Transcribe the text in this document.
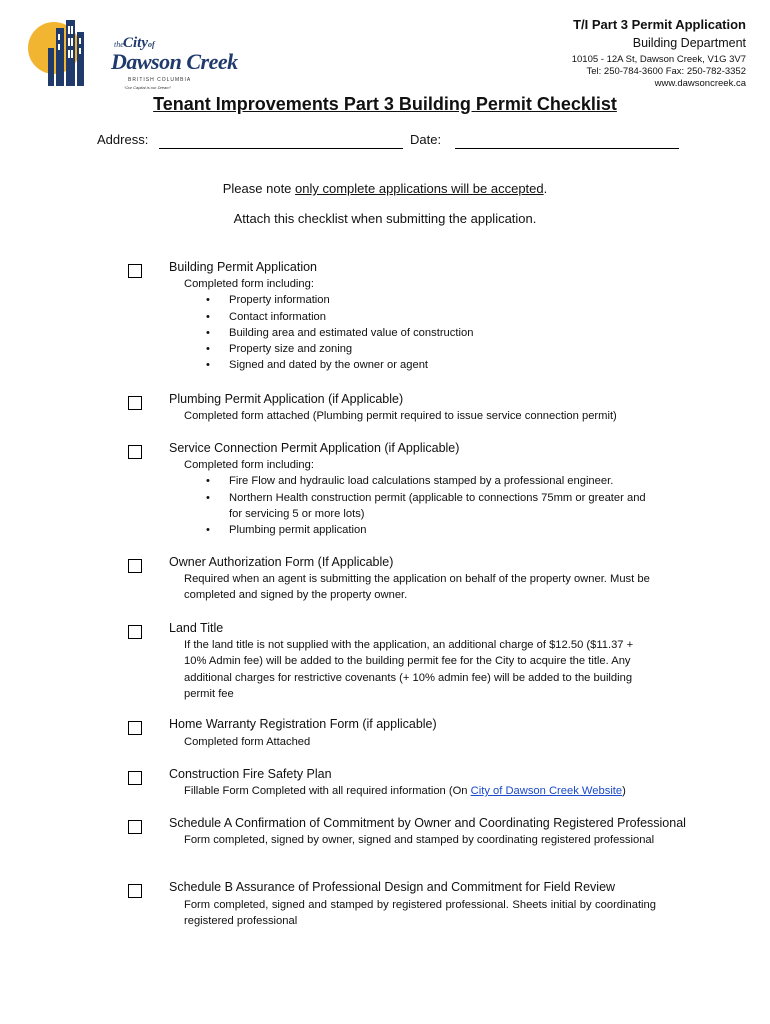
the Cityof
Dawson Creek
BRITISH COLUMBIA
“Our Capital is our Dream”
T/I Part 3 Permit Application
Building Department
10105 - 12A St, Dawson Creek, V1G 3V7
Tel: 250-784-3600 Fax: 250-782-3352
www.dawsoncreek.ca
Tenant Improvements Part 3 Building Permit Checklist
Address:	Date:
Please note only complete applications will be accepted.
Attach this checklist when submitting the application.
Building Permit Application
Completed form including:
• Property information
• Contact information
• Building area and estimated value of construction
• Property size and zoning
• Signed and dated by the owner or agent
Plumbing Permit Application (if Applicable)
Completed form attached (Plumbing permit required to issue service connection permit)
Service Connection Permit Application (if Applicable)
Completed form including:
• Fire Flow and hydraulic load calculations stamped by a professional engineer.
• Northern Health construction permit (applicable to connections 75mm or greater and for servicing 5 or more lots)
• Plumbing permit application
Owner Authorization Form (If Applicable)
Required when an agent is submitting the application on behalf of the property owner. Must be completed and signed by the property owner.
Land Title
If the land title is not supplied with the application, an additional charge of $12.50 ($11.37 + 10% Admin fee) will be added to the building permit fee for the City to acquire the title. Any additional charges for restrictive covenants (+ 10% admin fee) will be added to the building permit fee
Home Warranty Registration Form (if applicable)
Completed form Attached
Construction Fire Safety Plan
Fillable Form Completed with all required information (On City of Dawson Creek Website)
Schedule A Confirmation of Commitment by Owner and Coordinating Registered Professional
Form completed, signed by owner, signed and stamped by coordinating registered professional
Schedule B Assurance of Professional Design and Commitment for Field Review
Form completed, signed and stamped by registered professional. Sheets initial by coordinating registered professional
